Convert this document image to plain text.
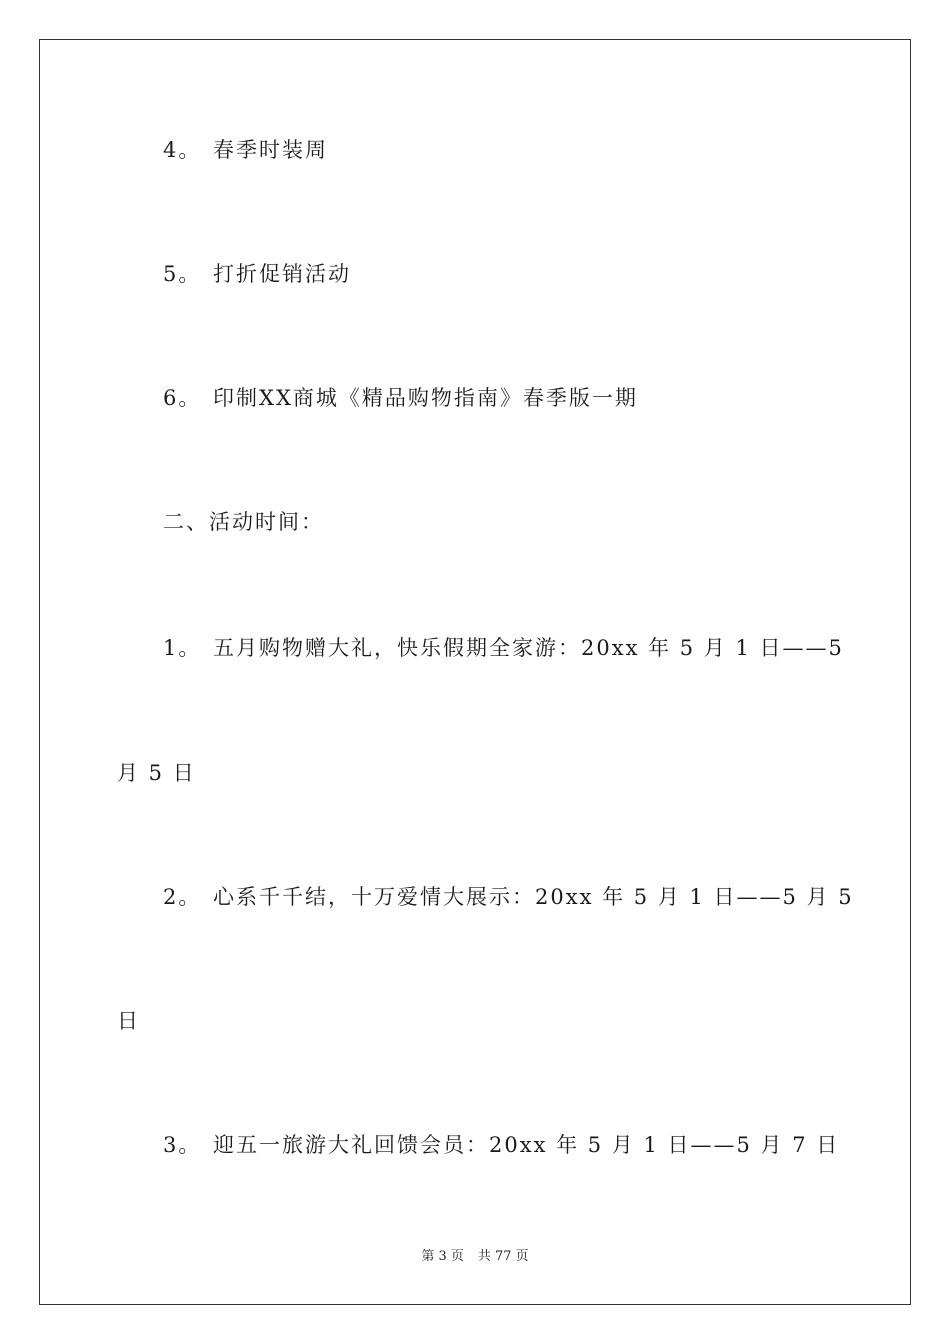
4。 春季时装周
5。 打折促销活动
6。 印制XX商城《精品购物指南》春季版一期
二、活动时间：
1。 五月购物赠大礼，快乐假期全家游：20xx 年 5 月 1 日——5
月 5 日
2。 心系千千结，十万爱情大展示：20xx 年 5 月 1 日——5 月 5
日
3。 迎五一旅游大礼回馈会员：20xx 年 5 月 1 日——5 月 7 日
第 3 页 共 77 页
